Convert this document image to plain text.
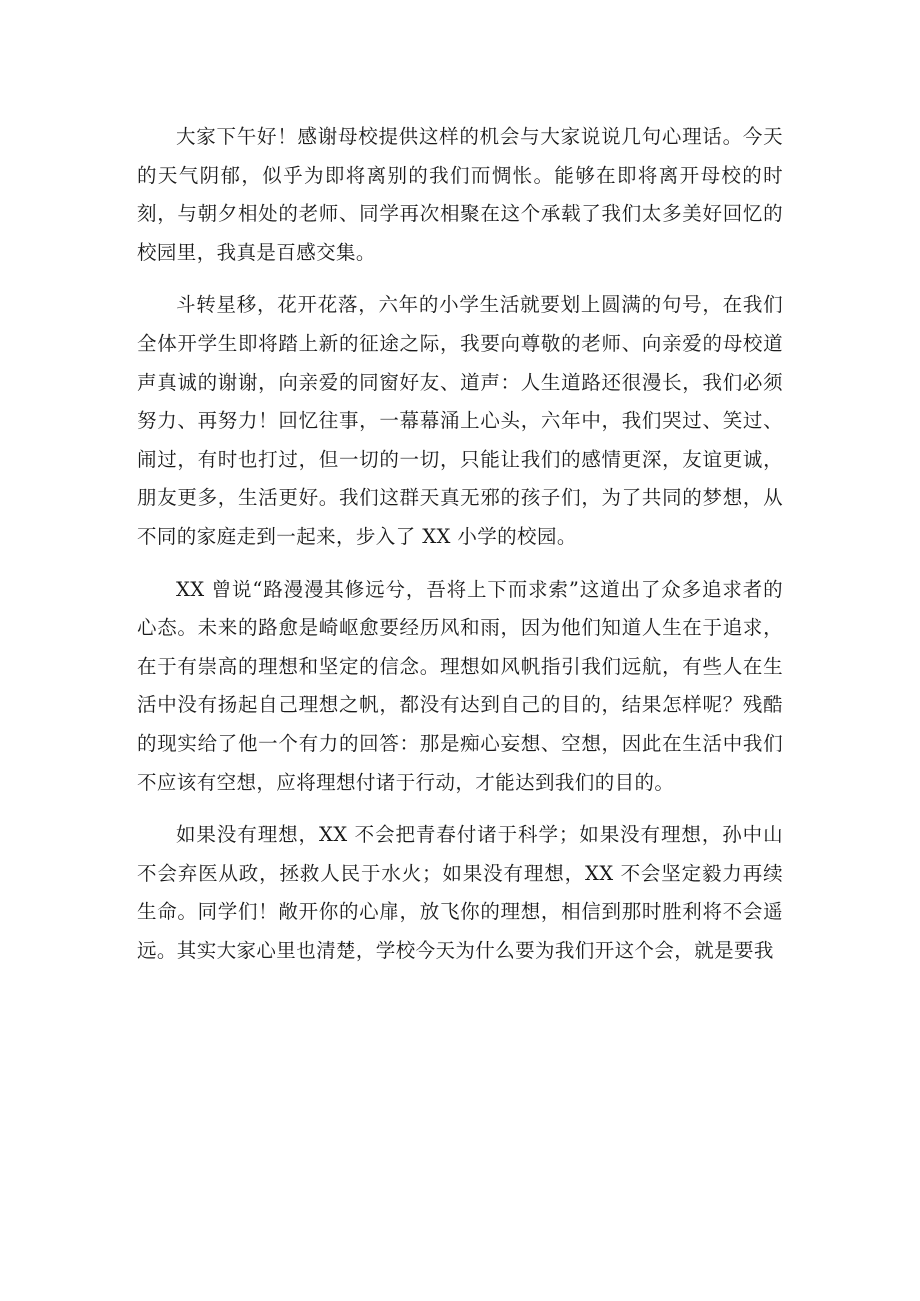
大家下午好！感谢母校提供这样的机会与大家说说几句心理话。今天的天气阴郁，似乎为即将离别的我们而惆怅。能够在即将离开母校的时刻，与朝夕相处的老师、同学再次相聚在这个承载了我们太多美好回忆的校园里，我真是百感交集。

斗转星移，花开花落，六年的小学生活就要划上圆满的句号，在我们全体开学生即将踏上新的征途之际，我要向尊敬的老师、向亲爱的母校道声真诚的谢谢，向亲爱的同窗好友、道声：人生道路还很漫长，我们必须努力、再努力！回忆往事，一幕幕涌上心头，六年中，我们哭过、笑过、闹过，有时也打过，但一切的一切，只能让我们的感情更深，友谊更诚，朋友更多，生活更好。我们这群天真无邪的孩子们，为了共同的梦想，从不同的家庭走到一起来，步入了 XX 小学的校园。

XX 曾说“路漫漫其修远兮，吾将上下而求索”这道出了众多追求者的心态。未来的路愈是崎岖愈要经历风和雨，因为他们知道人生在于追求，在于有崇高的理想和坚定的信念。理想如风帆指引我们远航，有些人在生活中没有扬起自己理想之帆，都没有达到自己的目的，结果怎样呢？残酷的现实给了他一个有力的回答：那是痴心妄想、空想，因此在生活中我们不应该有空想，应将理想付诸于行动，才能达到我们的目的。

如果没有理想，XX 不会把青春付诸于科学；如果没有理想，孙中山不会弃医从政，拯救人民于水火；如果没有理想，XX 不会坚定毅力再续生命。同学们！敞开你的心扉，放飞你的理想，相信到那时胜利将不会遥远。其实大家心里也清楚，学校今天为什么要为我们开这个会，就是要我
